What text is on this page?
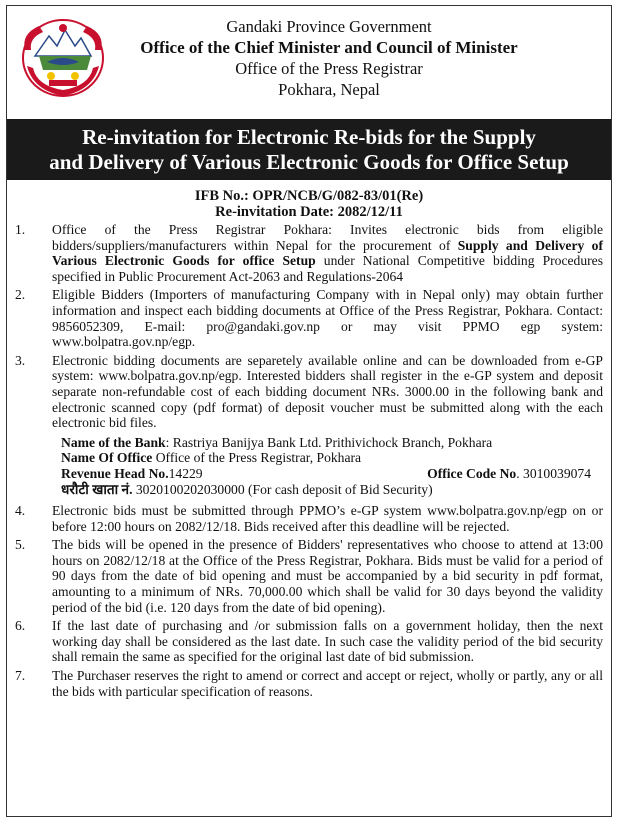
Gandaki Province Government
Office of the Chief Minister and Council of Minister
Office of the Press Registrar
Pokhara, Nepal
Re-invitation for Electronic Re-bids for the Supply
and Delivery of Various Electronic Goods for Office Setup
IFB No.: OPR/NCB/G/082-83/01(Re)
Re-invitation Date: 2082/12/11
1.	Office of the Press Registrar Pokhara: Invites electronic bids from eligible bidders/suppliers/manufacturers within Nepal for the procurement of Supply and Delivery of Various Electronic Goods for office Setup under National Competitive bidding Procedures specified in Public Procurement Act-2063 and Regulations-2064
2.	Eligible Bidders (Importers of manufacturing Company with in Nepal only) may obtain further information and inspect each bidding documents at Office of the Press Registrar, Pokhara. Contact: 9856052309, E-mail: pro@gandaki.gov.np or may visit PPMO egp system: www.bolpatra.gov.np/egp.
3.	Electronic bidding documents are separetely available online and can be downloaded from e-GP system: www.bolpatra.gov.np/egp. Interested bidders shall register in the e-GP system and deposit separate non-refundable cost of each bidding document NRs. 3000.00 in the following bank and electronic scanned copy (pdf format) of deposit voucher must be submitted along with the each electronic bid files.
Name of the Bank: Rastriya Banijya Bank Ltd. Prithivichock Branch, Pokhara
Name Of Office Office of the Press Registrar, Pokhara
Revenue Head No.14229	Office Code No. 3010039074
धरौटी खाता नं. 3020100202030000 (For cash deposit of Bid Security)
4.	Electronic bids must be submitted through PPMO’s e-GP system www.bolpatra.gov.np/egp on or before 12:00 hours on 2082/12/18. Bids received after this deadline will be rejected.
5.	The bids will be opened in the presence of Bidders' representatives who choose to attend at 13:00 hours on 2082/12/18 at the Office of the Press Registrar, Pokhara. Bids must be valid for a period of 90 days from the date of bid opening and must be accompanied by a bid security in pdf format, amounting to a minimum of NRs. 70,000.00 which shall be valid for 30 days beyond the validity period of the bid (i.e. 120 days from the date of bid opening).
6.	If the last date of purchasing and /or submission falls on a government holiday, then the next working day shall be considered as the last date. In such case the validity period of the bid security shall remain the same as specified for the original last date of bid submission.
7.	The Purchaser reserves the right to amend or correct and accept or reject, wholly or partly, any or all the bids with particular specification of reasons.
